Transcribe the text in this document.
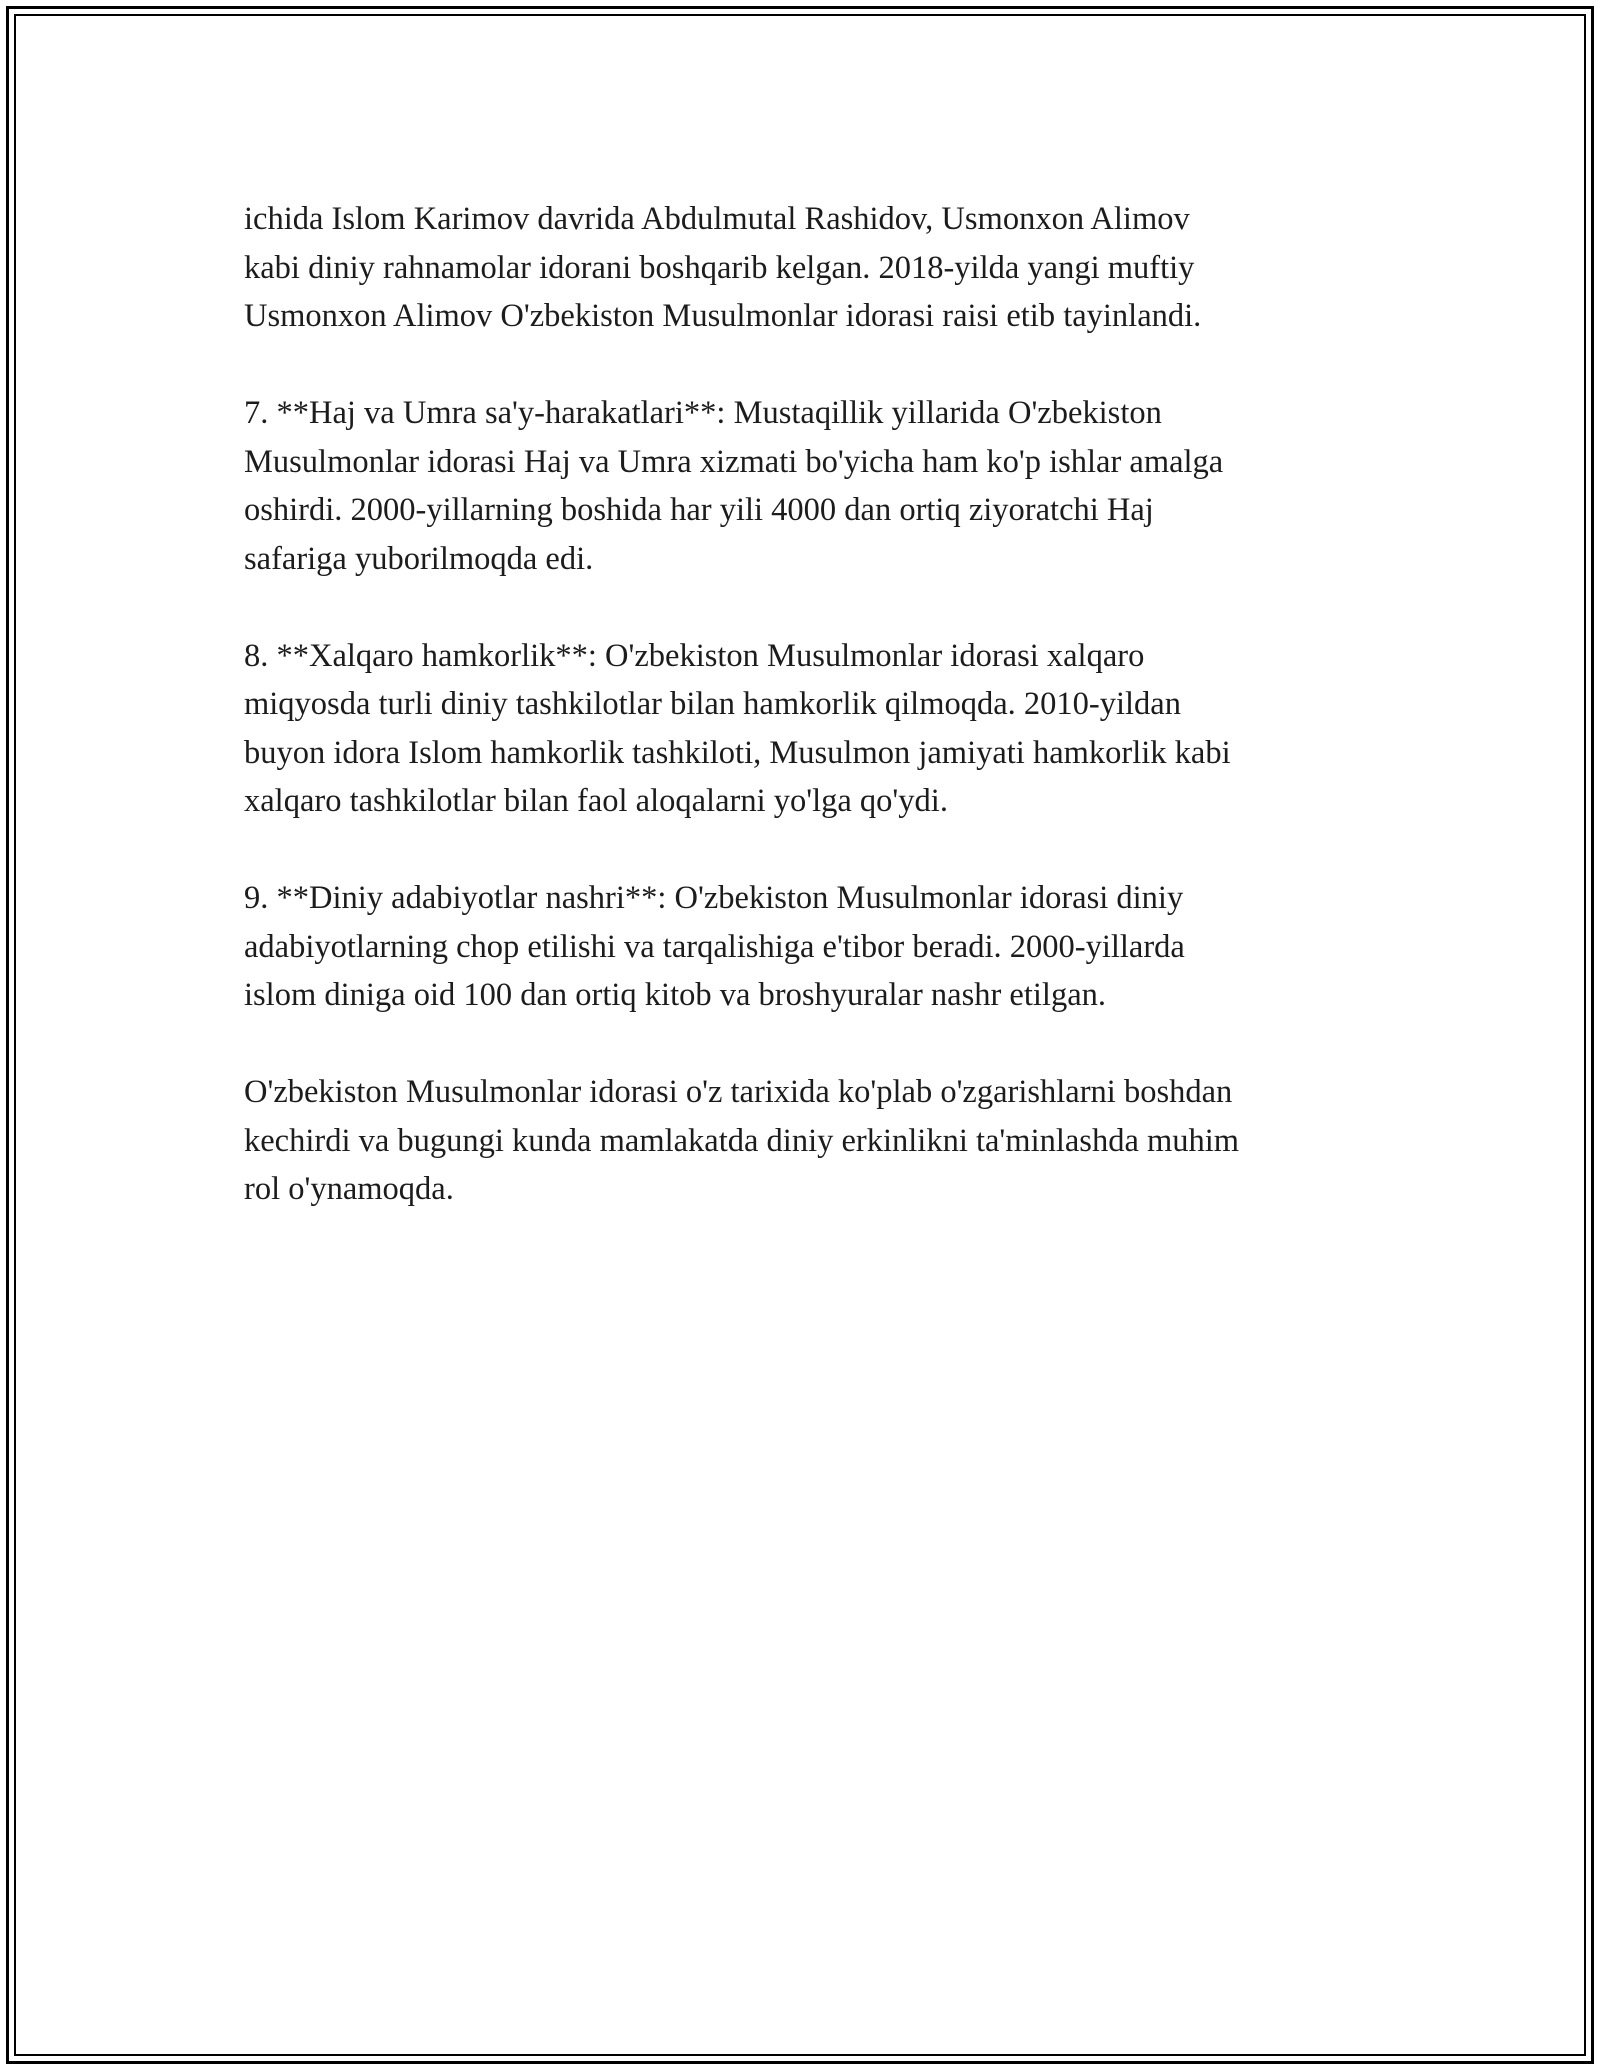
ichida Islom Karimov davrida Abdulmutal Rashidov, Usmonxon Alimov
kabi diniy rahnamolar idorani boshqarib kelgan. 2018-yilda yangi muftiy
Usmonxon Alimov O'zbekiston Musulmonlar idorasi raisi etib tayinlandi.

7. **Haj va Umra sa'y-harakatlari**: Mustaqillik yillarida O'zbekiston
Musulmonlar idorasi Haj va Umra xizmati bo'yicha ham ko'p ishlar amalga
oshirdi. 2000-yillarning boshida har yili 4000 dan ortiq ziyoratchi Haj
safariga yuborilmoqda edi.

8. **Xalqaro hamkorlik**: O'zbekiston Musulmonlar idorasi xalqaro
miqyosda turli diniy tashkilotlar bilan hamkorlik qilmoqda. 2010-yildan
buyon idora Islom hamkorlik tashkiloti, Musulmon jamiyati hamkorlik kabi
xalqaro tashkilotlar bilan faol aloqalarni yo'lga qo'ydi.

9. **Diniy adabiyotlar nashri**: O'zbekiston Musulmonlar idorasi diniy
adabiyotlarning chop etilishi va tarqalishiga e'tibor beradi. 2000-yillarda
islom diniga oid 100 dan ortiq kitob va broshyuralar nashr etilgan.

O'zbekiston Musulmonlar idorasi o'z tarixida ko'plab o'zgarishlarni boshdan
kechirdi va bugungi kunda mamlakatda diniy erkinlikni ta'minlashda muhim
rol o'ynamoqda.
